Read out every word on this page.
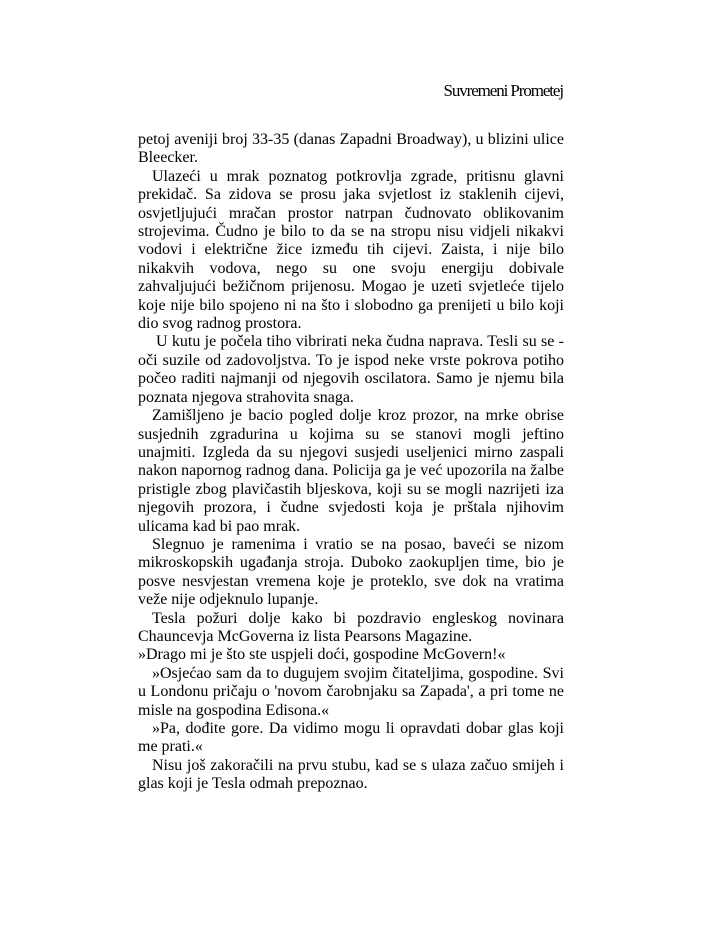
Suvremeni Prometej

petoj aveniji broj 33-35 (danas Zapadni Broadway), u blizini ulice Bleecker.

Ulazeći u mrak poznatog potkrovlja zgrade, pritisnu glavni prekidač. Sa zidova se prosu jaka svjetlost iz staklenih cijevi, osvjetljujući mračan prostor natrpan čudnovato oblikovanim strojevima. Čudno je bilo to da se na stropu nisu vidjeli nikakvi vodovi i električne žice između tih cijevi. Zaista, i nije bilo nikakvih vodova, nego su one svoju energiju dobivale zahvaljujući bežičnom prijenosu. Mogao je uzeti svjetleće tijelo koje nije bilo spojeno ni na što i slobodno ga prenijeti u bilo koji dio svog radnog prostora.

U kutu je počela tiho vibrirati neka čudna naprava. Tesli su se -oči suzile od zadovoljstva. To je ispod neke vrste pokrova potiho počeo raditi najmanji od njegovih oscilatora. Samo je njemu bila poznata njegova strahovita snaga.

Zamišljeno je bacio pogled dolje kroz prozor, na mrke obrise susjednih zgradurina u kojima su se stanovi mogli jeftino unajmiti. Izgleda da su njegovi susjedi useljenici mirno zaspali nakon napornog radnog dana. Policija ga je već upozorila na žalbe pristigle zbog plavičastih bljeskova, koji su se mogli nazrijeti iza njegovih prozora, i čudne svjedosti koja je prštala njihovim ulicama kad bi pao mrak.

Slegnuo je ramenima i vratio se na posao, baveći se nizom mikroskopskih ugađanja stroja. Duboko zaokupljen time, bio je posve nesvjestan vremena koje je proteklo, sve dok na vratima veže nije odjeknulo lupanje.

Tesla požuri dolje kako bi pozdravio engleskog novinara Chauncevja McGoverna iz lista Pearsons Magazine.

»Drago mi je što ste uspjeli doći, gospodine McGovern!«

»Osjećao sam da to dugujem svojim čitateljima, gospodine. Svi u Londonu pričaju o 'novom čarobnjaku sa Zapada', a pri tome ne misle na gospodina Edisona.«

»Pa, dođite gore. Da vidimo mogu li opravdati dobar glas koji me prati.«

Nisu još zakoračili na prvu stubu, kad se s ulaza začuo smijeh i glas koji je Tesla odmah prepoznao.
